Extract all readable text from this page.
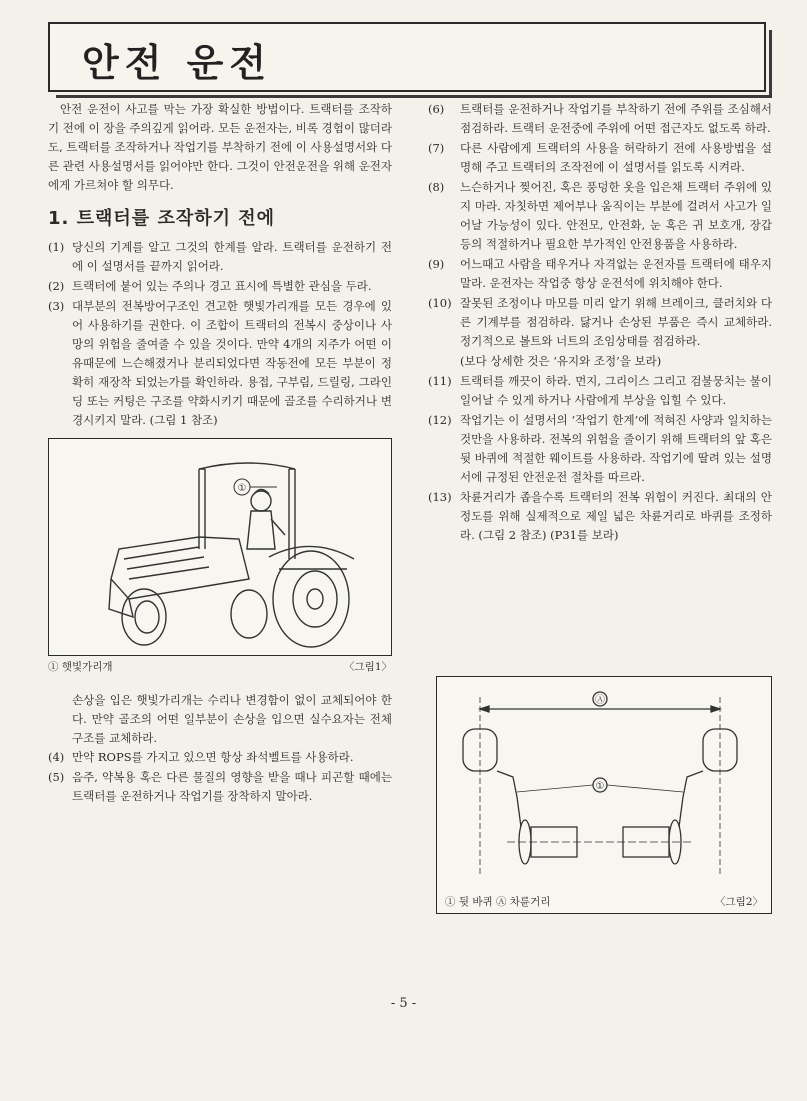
안전 운전

안전 운전이 사고를 막는 가장 확실한 방법이다. 트랙터를 조작하기 전에 이 장을 주의깊게 읽어라. 모든 운전자는, 비록 경험이 많더라도, 트랙터를 조작하거나 작업기를 부착하기 전에 이 사용설명서와 다른 관련 사용설명서를 읽어야만 한다. 그것이 안전운전을 위해 운전자에게 가르쳐야 할 의무다.

1. 트랙터를 조작하기 전에
(1) 당신의 기계를 알고 그것의 한계를 알라. 트랙터를 운전하기 전에 이 설명서를 끝까지 읽어라.
(2) 트랙터에 붙어 있는 주의나 경고 표시에 특별한 관심을 두라.
(3) 대부분의 전복방어구조인 견고한 햇빛가리개를 모든 경우에 있어 사용하기를 권한다. 이 조합이 트랙터의 전복시 중상이나 사망의 위험을 줄여줄 수 있을 것이다. 만약 4개의 지주가 어떤 이유때문에 느슨해졌거나 분리되었다면 작동전에 모든 부분이 정확히 재장착 되었는가를 확인하라. 용접, 구부림, 드릴링, 그라인딩 또는 커팅은 구조를 약화시키기 때문에 골조를 수리하거나 변경시키지 말라. (그림 1 참조)
①
① 햇빛가리개	〈그림1〉

손상을 입은 햇빛가리개는 수리나 변경함이 없이 교체되어야 한다. 만약 골조의 어떤 일부분이 손상을 입으면 실수요자는 전체구조를 교체하라.

(4) 만약 ROPS를 가지고 있으면 항상 좌석벨트를 사용하라.
(5) 음주, 약복용 혹은 다른 물질의 영향을 받을 때나 피곤할 때에는 트랙터를 운전하거나 작업기를 장착하지 말아라.
(6)	트랙터를 운전하거나 작업기를 부착하기 전에 주위를 조심해서 점검하라. 트랙터 운전중에 주위에 어떤 접근자도 없도록 하라.
(7)	다른 사람에게 트랙터의 사용을 허락하기 전에 사용방법을 설명해 주고 트랙터의 조작전에 이 설명서를 읽도록 시켜라.
(8)	느슨하거나 찢어진, 혹은 풍덩한 옷을 입은채 트랙터 주위에 있지 마라. 자칫하면 제어부나 움직이는 부분에 걸려서 사고가 일어날 가능성이 있다. 안전모, 안전화, 눈 혹은 귀 보호개, 장갑등의 적절하거나 필요한 부가적인 안전용품을 사용하라.
(9)	어느때고 사람을 태우거나 자격없는 운전자를 트랙터에 태우지 말라. 운전자는 작업중 항상 운전석에 위치해야 한다.
(10) 잘못된 조정이나 마모를 미리 알기 위해 브레이크, 클러치와 다른 기계부를 점검하라. 닳거나 손상된 부품은 즉시 교체하라. 정기적으로 볼트와 너트의 조임상태를 점검하라.
(보다 상세한 것은 ‘유지와 조정’을 보라)
(11) 트랙터를 깨끗이 하라. 먼지, 그리이스 그리고 검불뭉치는 불이 일어날 수 있게 하거나 사람에게 부상을 입힐 수 있다.
(12) 작업기는 이 설명서의 ‘작업기 한계’에 적혀진 사양과 일치하는 것만을 사용하라. 전복의 위험을 줄이기 위해 트랙터의 앞 혹은 뒷 바퀴에 적절한 웨이트를 사용하라. 작업기에 딸려 있는 설명서에 규정된 안전운전 절차를 따르라.
(13) 차륜거리가 좁을수록 트랙터의 전복 위험이 커진다. 최대의 안정도를 위해 실제적으로 제일 넓은 차륜거리로 바퀴를 조정하라. (그림 2 참조) (P31를 보라)
Ⓐ
①
① 뒷 바퀴 Ⓐ 차륜거리	〈그림2〉
- 5 -
